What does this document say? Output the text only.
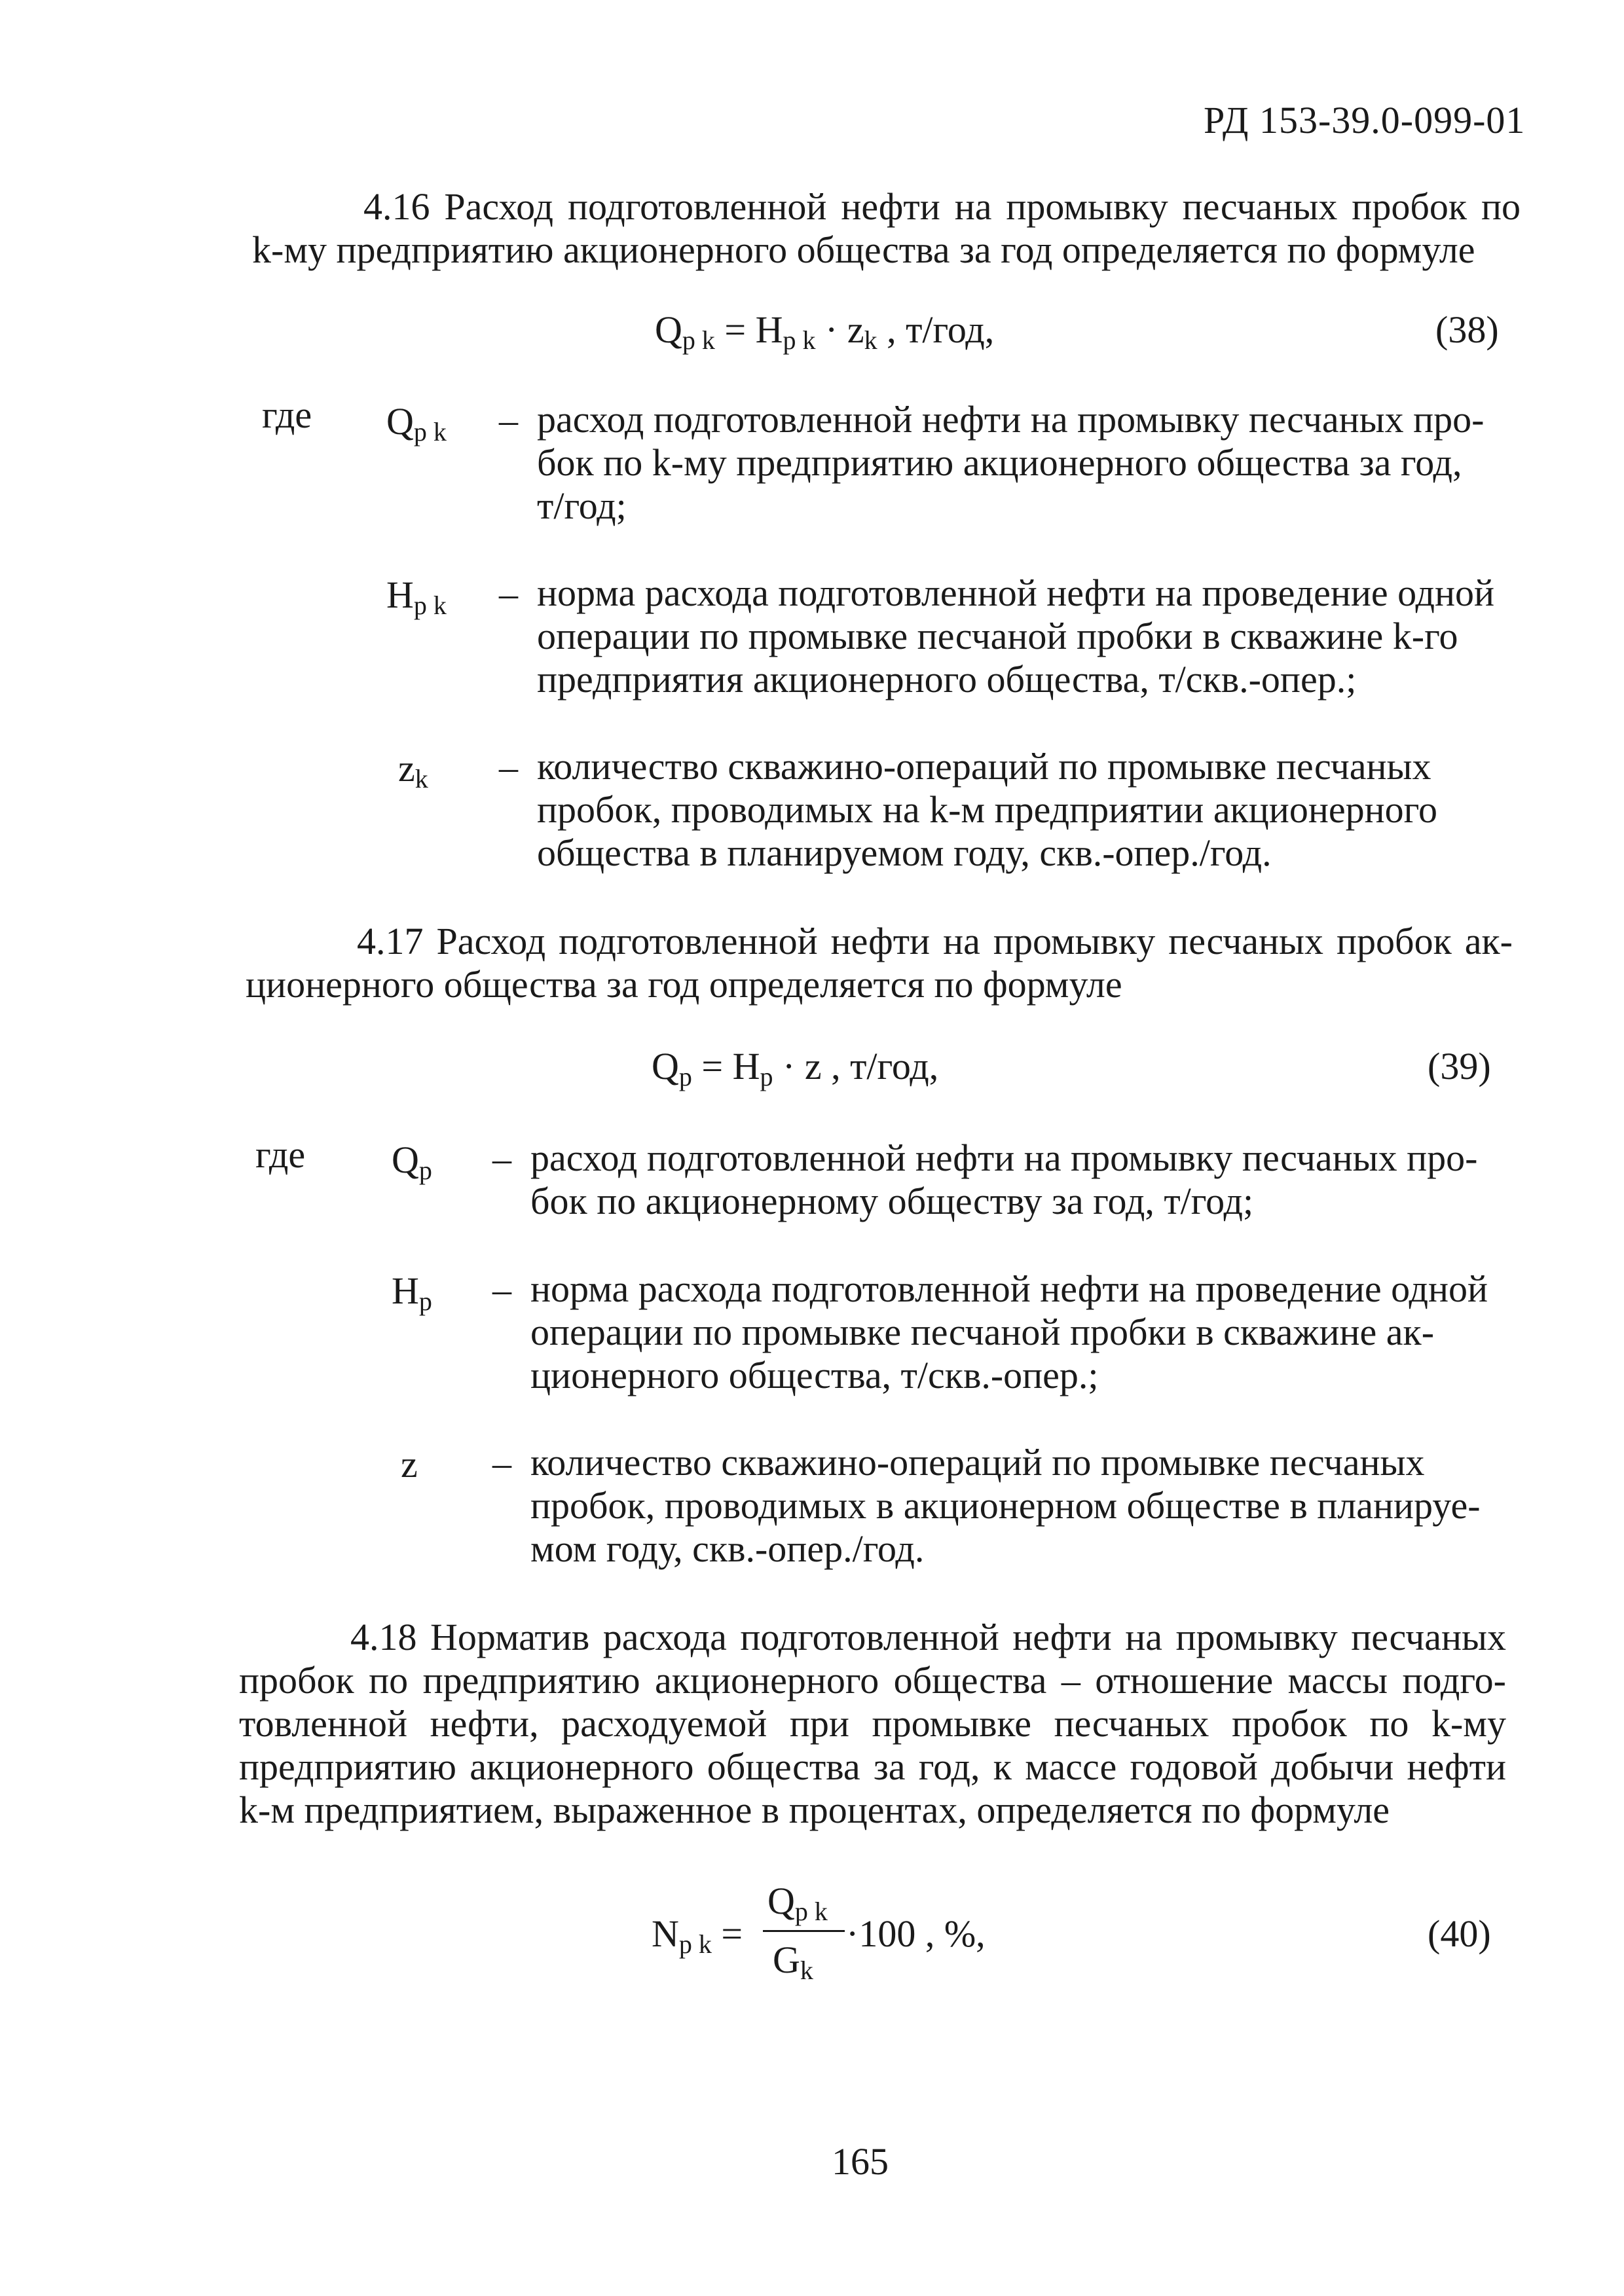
РД 153-39.0-099-01
4.16 Расход подготовленной нефти на промывку песчаных пробок по
k-му предприятию акционерного общества за год определяется по формуле
$Q_{p k} = H_{p k} \cdot z_k$ , т/год,	(38)
где $Q_{p k}$ – расход подготовленной нефти на промывку песчаных про-
бок по k-му предприятию акционерного общества за год,
т/год;
$H_{p k}$ – норма расхода подготовленной нефти на проведение одной
операции по промывке песчаной пробки в скважине k-го
предприятия акционерного общества, т/скв.-опер.;
$z_k$ – количество скважино-операций по промывке песчаных
пробок, проводимых на k-м предприятии акционерного
общества в планируемом году, скв.-опер./год.
4.17 Расход подготовленной нефти на промывку песчаных пробок ак-
ционерного общества за год определяется по формуле
$Q_p = H_p \cdot z$ , т/год,	(39)
где $Q_p$ – расход подготовленной нефти на промывку песчаных про-
бок по акционерному обществу за год, т/год;
$H_p$ – норма расхода подготовленной нефти на проведение одной
операции по промывке песчаной пробки в скважине ак-
ционерного общества, т/скв.-опер.;
z – количество скважино-операций по промывке песчаных
пробок, проводимых в акционерном обществе в планируе-
мом году, скв.-опер./год.
4.18 Норматив расхода подготовленной нефти на промывку песчаных
пробок по предприятию акционерного общества – отношение массы подго-
товленной нефти, расходуемой при промывке песчаных пробок по k-му
предприятию акционерного общества за год, к массе годовой добычи нефти
k-м предприятием, выраженное в процентах, определяется по формуле
$N_{p k}$ =
$Q_{p k}$
$G_k$
·100 , %,	(40)
165
